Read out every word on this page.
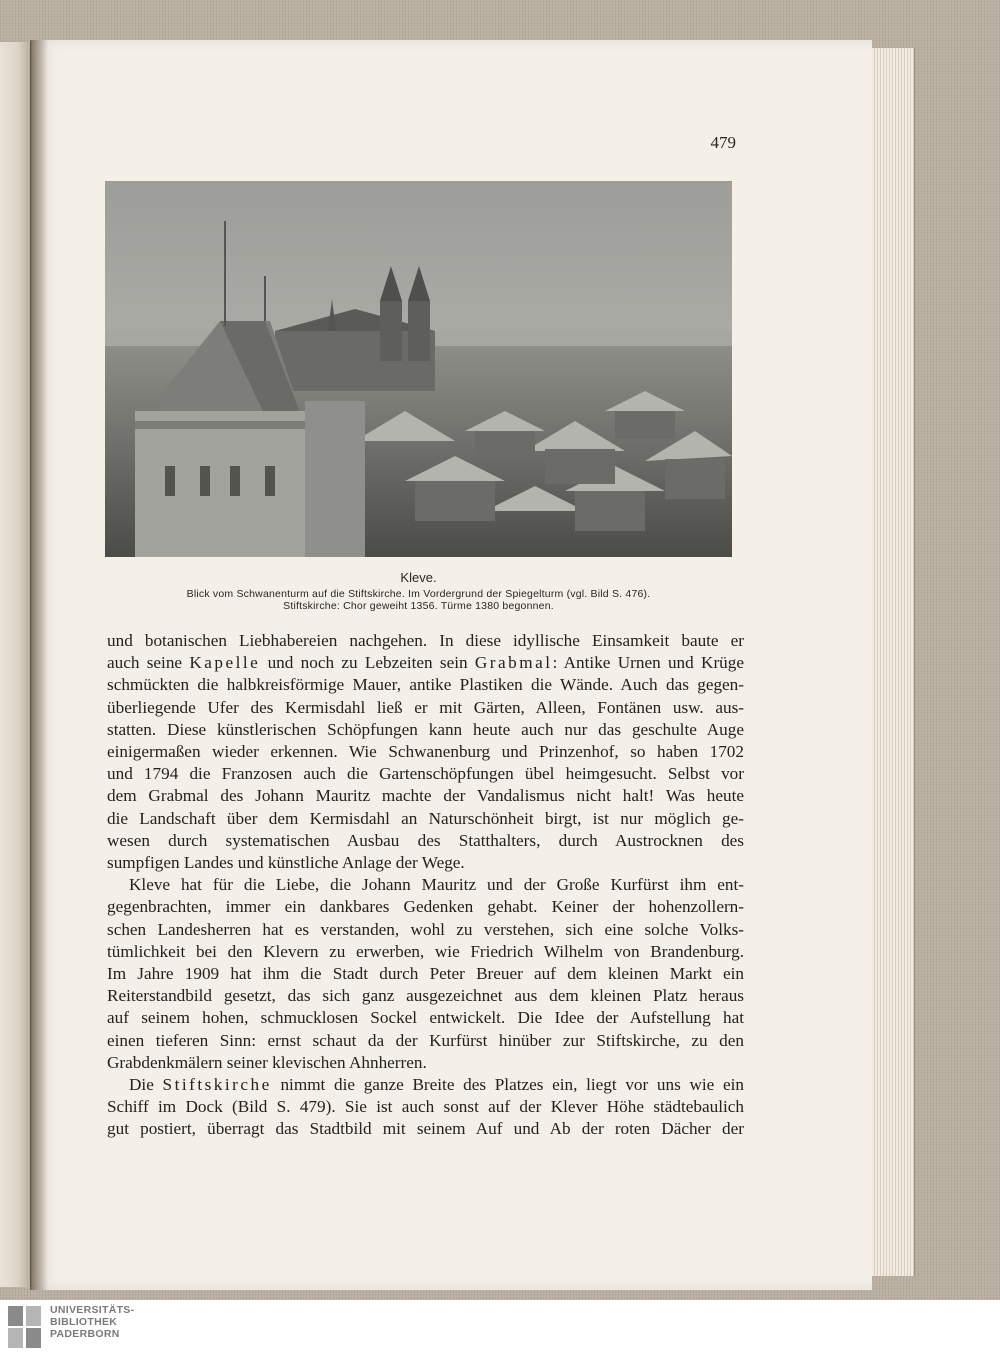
479
Kleve.
Blick vom Schwanenturm auf die Stiftskirche. Im Vordergrund der Spiegelturm (vgl. Bild S. 476).
Stiftskirche: Chor geweiht 1356. Türme 1380 begonnen.

und botanischen Liebhabereien nachgehen. In diese idyllische Einsamkeit baute er

auch seine Kapelle und noch zu Lebzeiten sein Grabmal: Antike Urnen und Krüge

schmückten die halbkreisförmige Mauer, antike Plastiken die Wände. Auch das gegen-

überliegende Ufer des Kermisdahl ließ er mit Gärten, Alleen, Fontänen usw. aus-

statten. Diese künstlerischen Schöpfungen kann heute auch nur das geschulte Auge

einigermaßen wieder erkennen. Wie Schwanenburg und Prinzenhof, so haben 1702

und 1794 die Franzosen auch die Gartenschöpfungen übel heimgesucht. Selbst vor

dem Grabmal des Johann Mauritz machte der Vandalismus nicht halt! Was heute

die Landschaft über dem Kermisdahl an Naturschönheit birgt, ist nur möglich ge-

wesen durch systematischen Ausbau des Statthalters, durch Austrocknen des

sumpfigen Landes und künstliche Anlage der Wege.

Kleve hat für die Liebe, die Johann Mauritz und der Große Kurfürst ihm ent-

gegenbrachten, immer ein dankbares Gedenken gehabt. Keiner der hohenzollern-

schen Landesherren hat es verstanden, wohl zu verstehen, sich eine solche Volks-

tümlichkeit bei den Klevern zu erwerben, wie Friedrich Wilhelm von Brandenburg.

Im Jahre 1909 hat ihm die Stadt durch Peter Breuer auf dem kleinen Markt ein

Reiterstandbild gesetzt, das sich ganz ausgezeichnet aus dem kleinen Platz heraus

auf seinem hohen, schmucklosen Sockel entwickelt. Die Idee der Aufstellung hat

einen tieferen Sinn: ernst schaut da der Kurfürst hinüber zur Stiftskirche, zu den

Grabdenkmälern seiner klevischen Ahnherren.

Die Stiftskirche nimmt die ganze Breite des Platzes ein, liegt vor uns wie ein

Schiff im Dock (Bild S. 479). Sie ist auch sonst auf der Klever Höhe städtebaulich

gut postiert, überragt das Stadtbild mit seinem Auf und Ab der roten Dächer der

UNIVERSITÄTS-
BIBLIOTHEK
PADERBORN
